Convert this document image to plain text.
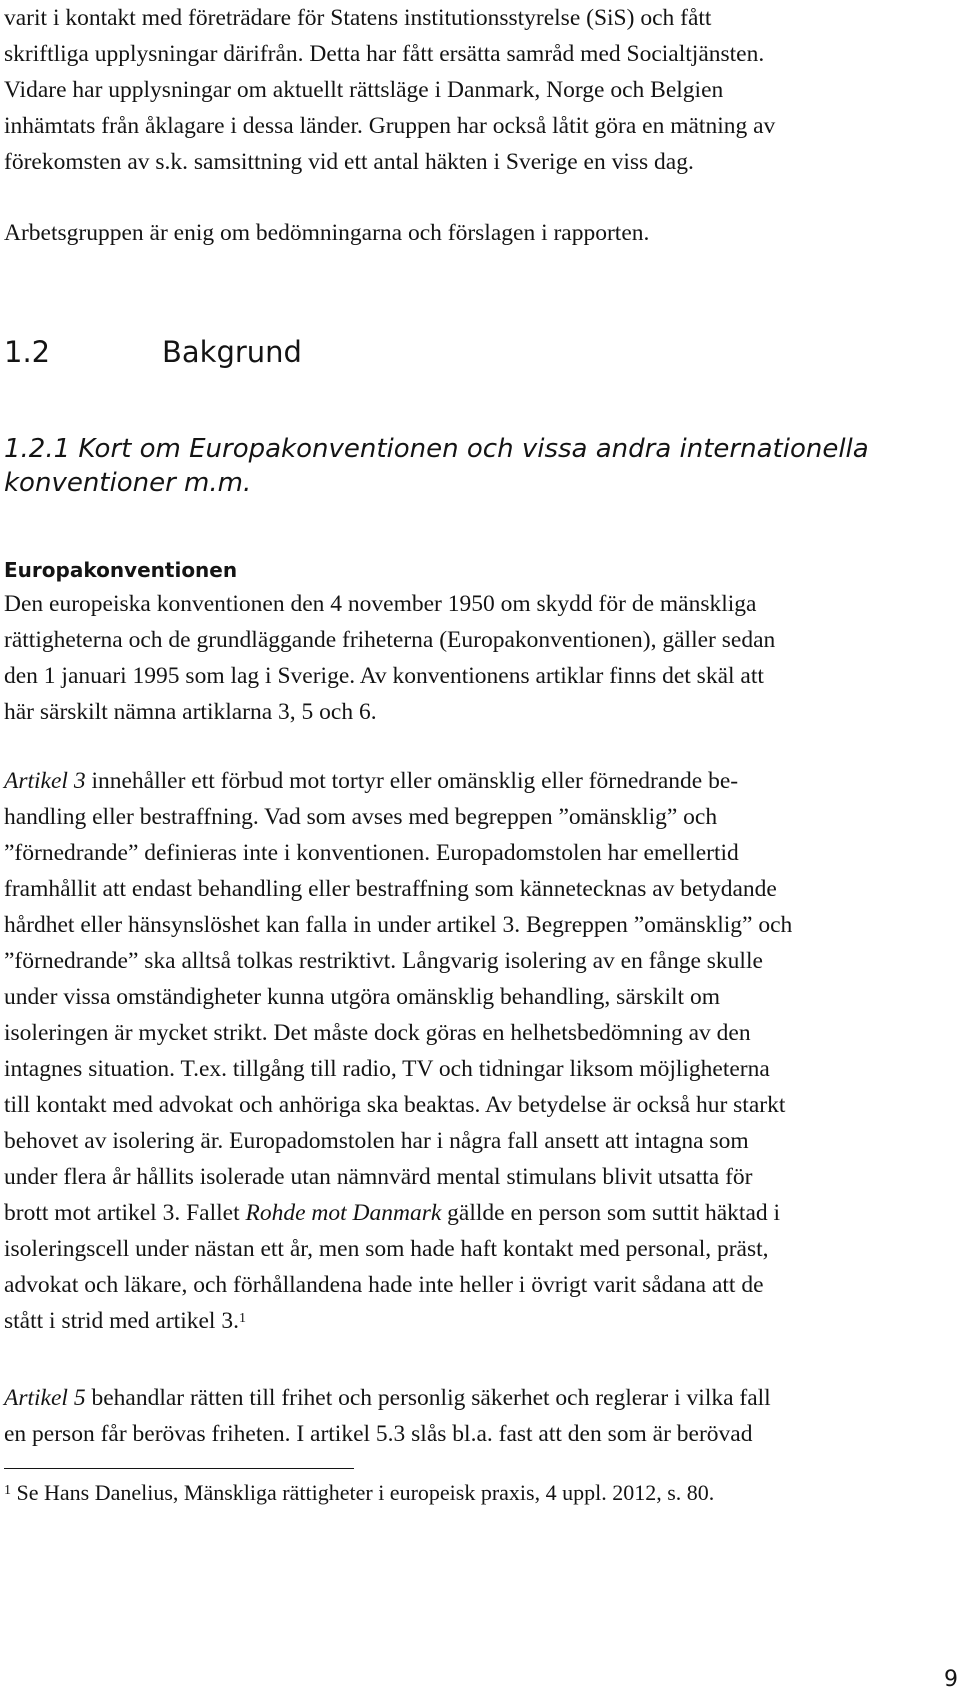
varit i kontakt med företrädare för Statens institutionsstyrelse (SiS) och fått
skriftliga upplysningar därifrån. Detta har fått ersätta samråd med Socialtjänsten.
Vidare har upplysningar om aktuellt rättsläge i Danmark, Norge och Belgien
inhämtats från åklagare i dessa länder. Gruppen har också låtit göra en mätning av
förekomsten av s.k. samsittning vid ett antal häkten i Sverige en viss dag.

Arbetsgruppen är enig om bedömningarna och förslagen i rapporten.

1.2	Bakgrund
1.2.1 Kort om Europakonventionen och vissa andra internationella konventioner m.m.
Europakonventionen

Den europeiska konventionen den 4 november 1950 om skydd för de mänskliga
rättigheterna och de grundläggande friheterna (Europakonventionen), gäller sedan
den 1 januari 1995 som lag i Sverige. Av konventionens artiklar finns det skäl att
här särskilt nämna artiklarna 3, 5 och 6.

Artikel 3 innehåller ett förbud mot tortyr eller omänsklig eller förnedrande be-
handling eller bestraffning. Vad som avses med begreppen ”omänsklig” och
”förnedrande” definieras inte i konventionen. Europadomstolen har emellertid
framhållit att endast behandling eller bestraffning som kännetecknas av betydande
hårdhet eller hänsynslöshet kan falla in under artikel 3. Begreppen ”omänsklig” och
”förnedrande” ska alltså tolkas restriktivt. Långvarig isolering av en fånge skulle
under vissa omständigheter kunna utgöra omänsklig behandling, särskilt om
isoleringen är mycket strikt. Det måste dock göras en helhetsbedömning av den
intagnes situation. T.ex. tillgång till radio, TV och tidningar liksom möjligheterna
till kontakt med advokat och anhöriga ska beaktas. Av betydelse är också hur starkt
behovet av isolering är. Europadomstolen har i några fall ansett att intagna som
under flera år hållits isolerade utan nämnvärd mental stimulans blivit utsatta för
brott mot artikel 3. Fallet Rohde mot Danmark gällde en person som suttit häktad i
isoleringscell under nästan ett år, men som hade haft kontakt med personal, präst,
advokat och läkare, och förhållandena hade inte heller i övrigt varit sådana att de
stått i strid med artikel 3.$^1$

Artikel 5 behandlar rätten till frihet och personlig säkerhet och reglerar i vilka fall
en person får berövas friheten. I artikel 5.3 slås bl.a. fast att den som är berövad

$^1$ Se Hans Danelius, Mänskliga rättigheter i europeisk praxis, 4 uppl. 2012, s. 80.

9
